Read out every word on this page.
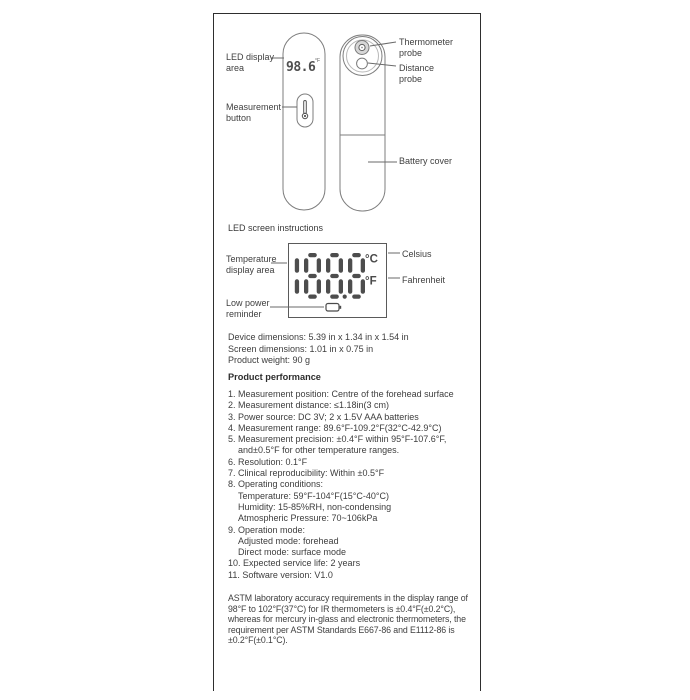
98.6 °F
LED display area
Measurement button
Thermometer probe
Distance probe
Battery cover
LED screen instructions
°C
°F
Temperature display area
Low power reminder
Celsius
Fahrenheit
Device dimensions: 5.39 in x 1.34 in x 1.54 in
Screen dimensions: 1.01 in x 0.75 in
Product weight: 90 g
Product performance
1. Measurement position: Centre of the forehead surface
2. Measurement distance: ≤1.18in(3 cm)
3. Power source: DC 3V; 2 x 1.5V AAA batteries
4. Measurement range: 89.6°F-109.2°F(32°C-42.9°C)
5. Measurement precision: ±0.4°F within 95°F-107.6°F,
and±0.5°F for other temperature ranges.
6. Resolution: 0.1°F
7. Clinical reproducibility: Within ±0.5°F
8. Operating conditions:
Temperature: 59°F-104°F(15°C-40°C)
Humidity: 15-85%RH, non-condensing
Atmospheric Pressure: 70~106kPa
9. Operation mode:
Adjusted mode: forehead
Direct mode: surface mode
10. Expected service life: 2 years
11. Software version: V1.0
ASTM laboratory accuracy requirements in the display range of 98°F to 102°F(37°C) for IR thermometers is ±0.4°F(±0.2°C), whereas for mercury in-glass and electronic thermometers, the requirement per ASTM Standards E667-86 and E1112-86 is ±0.2°F(±0.1°C).
